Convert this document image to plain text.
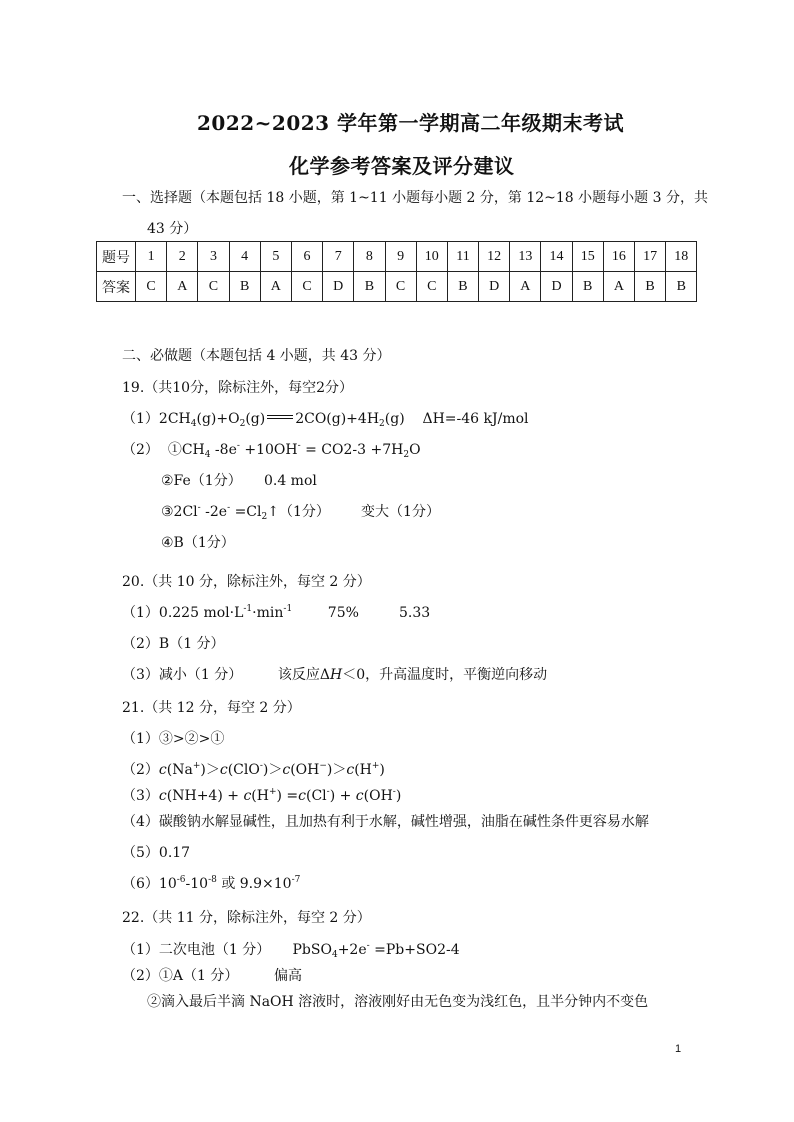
2022~2023 学年第一学期高二年级期末考试
化学参考答案及评分建议
一、选择题（本题包括 18 小题，第 1~11 小题每小题 2 分，第 12~18 小题每小题 3 分，共
43 分）
题号	1	2	3	4	5	6	7	8	9	10	11	12	13	14	15	16	17	18
答案	C	A	C	B	A	C	D	B	C	C	B	D	A	D	B	A	B	B
二、必做题（本题包括 4 小题，共 43 分）
19.（共10分，除标注外，每空2分）
$(1)2CH_4(g)+O_2(g)$ $2CO(g)+4H_2(g)$    ΔH=-46 kJ/mol
（2） $①CH_4$ $-8e^- +10OH^- = CO2-3 +7H_2O$
②Fe（1分） 0.4 mol
③2Cl- $-2e^- =Cl_2↑(1$分） 变大（1分）
④B（1分）
20.（共 10 分，除标注外，每空 2 分）
（1）0.225 $mol\cdot L^{-1}\cdot\min^{-1}$	75%	5.33
（2）B（1 分）
（3）减小（1 分）	该反应ΔH＜0，升高温度时，平衡逆向移动
21.（共 12 分，每空 2 分）
（1）③>②>①
（2）c(Na+)＞c(ClO-)＞c(OH−)＞c(H+)
（3）c(NH+4) + c(H+) =c(Cl-) + c(OH-)
（4）碳酸钠水解显碱性，且加热有利于水解，碱性增强，油脂在碱性条件更容易水解
（5）0.17
$(6)10^{-6}-10^{-8}$ 或 $9.9\times 10^{-7}$
22.（共 11 分，除标注外，每空 2 分）
（1）二次电池（1 分）     PbSO$_4$+2e- =Pb+SO2-4
（2）①A（1 分）	偏高
②滴入最后半滴 NaOH 溶液时，溶液刚好由无色变为浅红色，且半分钟内不变色
1
